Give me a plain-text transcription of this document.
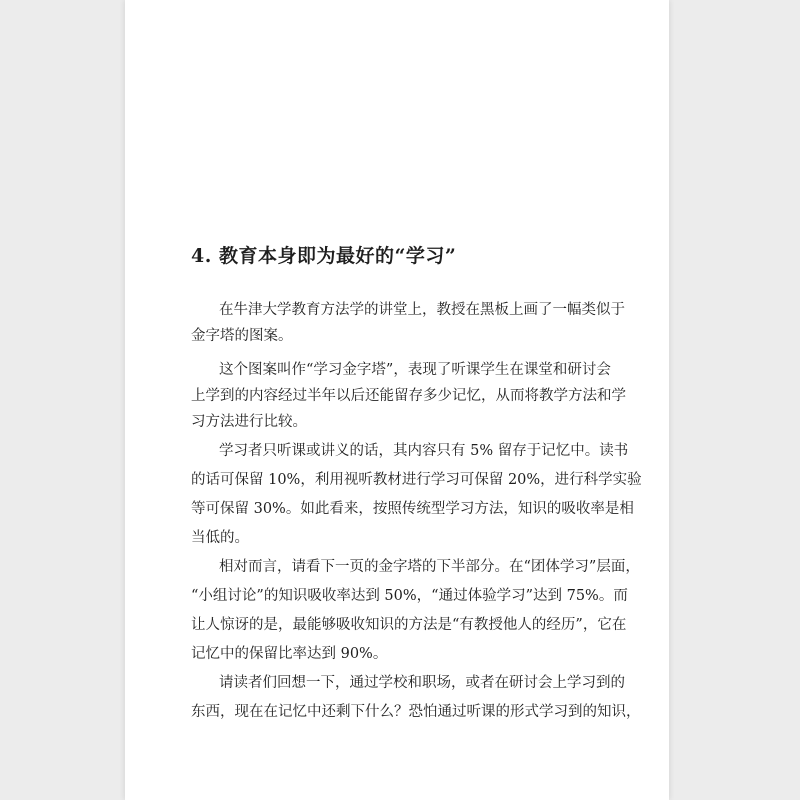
4. 教育本身即为最好的“学习”
在牛津大学教育方法学的讲堂上，教授在黑板上画了一幅类似于
金字塔的图案。
这个图案叫作“学习金字塔”，表现了听课学生在课堂和研讨会
上学到的内容经过半年以后还能留存多少记忆，从而将教学方法和学
习方法进行比较。
学习者只听课或讲义的话，其内容只有 5% 留存于记忆中。读书
的话可保留 10%，利用视听教材进行学习可保留 20%，进行科学实验
等可保留 30%。如此看来，按照传统型学习方法，知识的吸收率是相
当低的。
相对而言，请看下一页的金字塔的下半部分。在“团体学习”层面，
“小组讨论”的知识吸收率达到 50%，“通过体验学习”达到 75%。而
让人惊讶的是，最能够吸收知识的方法是“有教授他人的经历”，它在
记忆中的保留比率达到 90%。
请读者们回想一下，通过学校和职场，或者在研讨会上学习到的
东西，现在在记忆中还剩下什么？恐怕通过听课的形式学习到的知识，
